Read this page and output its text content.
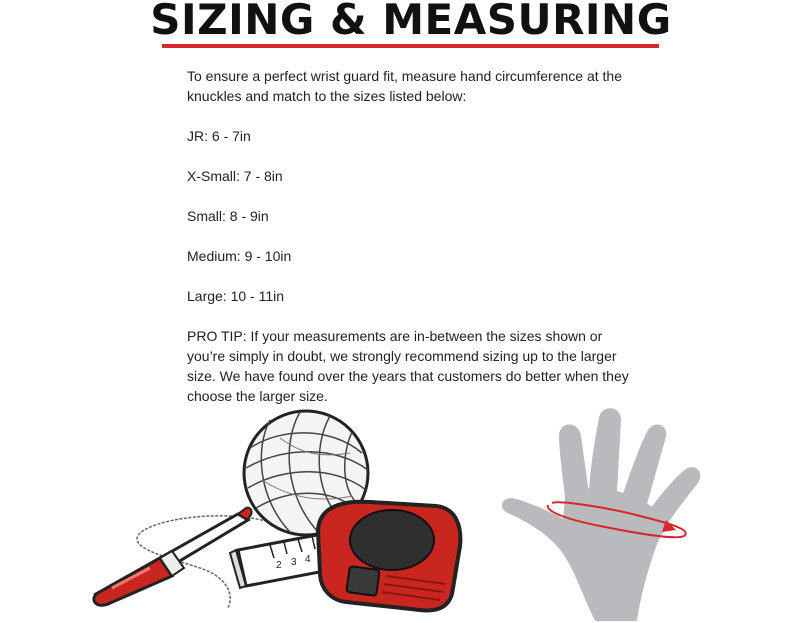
SIZING & MEASURING

To ensure a perfect wrist guard fit, measure hand circumference at the knuckles and match to the sizes listed below:

JR: 6 - 7in

X-Small: 7 - 8in

Small: 8 - 9in

Medium: 9 - 10in

Large: 10 - 11in

PRO TIP: If your measurements are in-between the sizes shown or you’re simply in doubt, we strongly recommend sizing up to the larger size. We have found over the years that customers do better when they choose the larger size.

2 3 4
